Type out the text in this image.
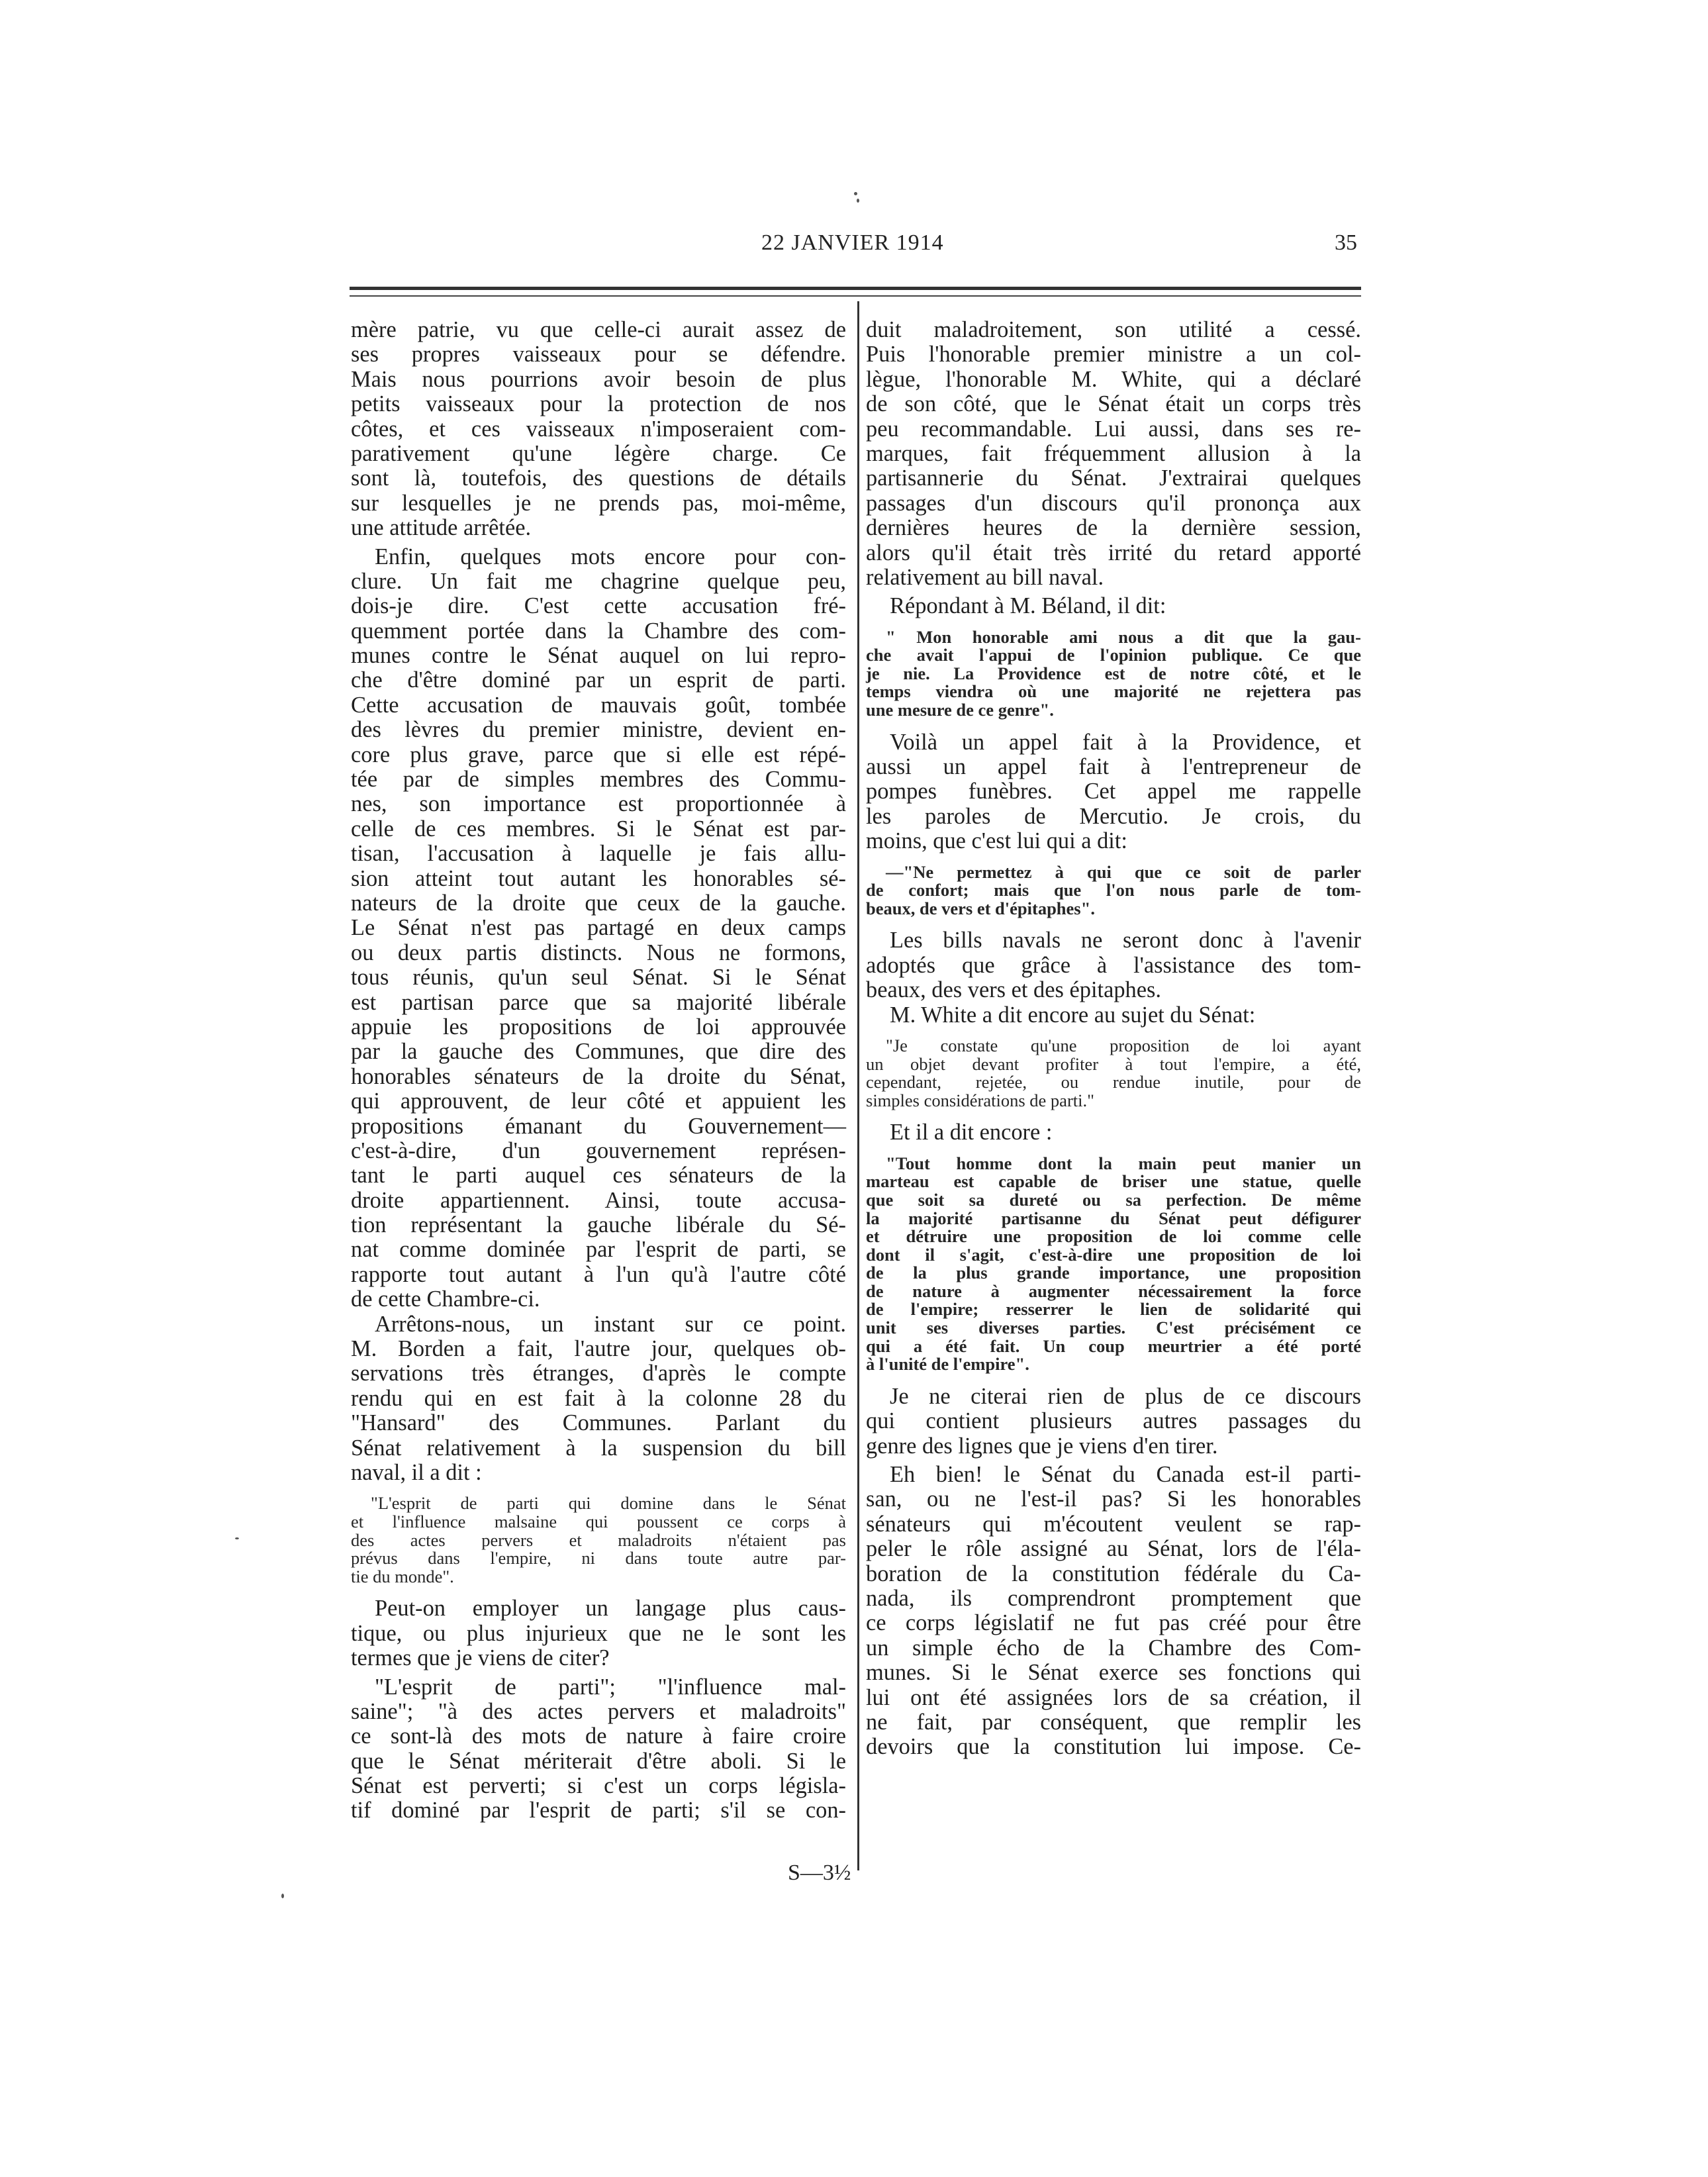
22 JANVIER 1914	35
mère patrie, vu que celle-ci aurait assez de
ses propres vaisseaux pour se défendre.
Mais nous pourrions avoir besoin de plus
petits vaisseaux pour la protection de nos
côtes, et ces vaisseaux n'imposeraient com-
parativement qu'une légère charge. Ce
sont là, toutefois, des questions de détails
sur lesquelles je ne prends pas, moi-même,
une attitude arrêtée.
Enfin, quelques mots encore pour con-
clure. Un fait me chagrine quelque peu,
dois-je dire. C'est cette accusation fré-
quemment portée dans la Chambre des com-
munes contre le Sénat auquel on lui repro-
che d'être dominé par un esprit de parti.
Cette accusation de mauvais goût, tombée
des lèvres du premier ministre, devient en-
core plus grave, parce que si elle est répé-
tée par de simples membres des Commu-
nes, son importance est proportionnée à
celle de ces membres. Si le Sénat est par-
tisan, l'accusation à laquelle je fais allu-
sion atteint tout autant les honorables sé-
nateurs de la droite que ceux de la gauche.
Le Sénat n'est pas partagé en deux camps
ou deux partis distincts. Nous ne formons,
tous réunis, qu'un seul Sénat. Si le Sénat
est partisan parce que sa majorité libérale
appuie les propositions de loi approuvée
par la gauche des Communes, que dire des
honorables sénateurs de la droite du Sénat,
qui approuvent, de leur côté et appuient les
propositions émanant du Gouvernement—
c'est-à-dire, d'un gouvernement représen-
tant le parti auquel ces sénateurs de la
droite appartiennent. Ainsi, toute accusa-
tion représentant la gauche libérale du Sé-
nat comme dominée par l'esprit de parti, se
rapporte tout autant à l'un qu'à l'autre côté
de cette Chambre-ci.
Arrêtons-nous, un instant sur ce point.
M. Borden a fait, l'autre jour, quelques ob-
servations très étranges, d'après le compte
rendu qui en est fait à la colonne 28 du
"Hansard" des Communes. Parlant du
Sénat relativement à la suspension du bill
naval, il a dit :
"L'esprit de parti qui domine dans le Sénat
et l'influence malsaine qui poussent ce corps à
des actes pervers et maladroits n'étaient pas
prévus dans l'empire, ni dans toute autre par-
tie du monde".
Peut-on employer un langage plus caus-
tique, ou plus injurieux que ne le sont les
termes que je viens de citer?
"L'esprit de parti"; "l'influence mal-
saine"; "à des actes pervers et maladroits"
ce sont-là des mots de nature à faire croire
que le Sénat mériterait d'être aboli. Si le
Sénat est perverti; si c'est un corps législa-
tif dominé par l'esprit de parti; s'il se con-
duit maladroitement, son utilité a cessé.
Puis l'honorable premier ministre a un col-
lègue, l'honorable M. White, qui a déclaré
de son côté, que le Sénat était un corps très
peu recommandable. Lui aussi, dans ses re-
marques, fait fréquemment allusion à la
partisannerie du Sénat. J'extrairai quelques
passages d'un discours qu'il prononça aux
dernières heures de la dernière session,
alors qu'il était très irrité du retard apporté
relativement au bill naval.
Répondant à M. Béland, il dit:
" Mon honorable ami nous a dit que la gau-
che avait l'appui de l'opinion publique. Ce que
je nie. La Providence est de notre côté, et le
temps viendra où une majorité ne rejettera pas
une mesure de ce genre".
Voilà un appel fait à la Providence, et
aussi un appel fait à l'entrepreneur de
pompes funèbres. Cet appel me rappelle
les paroles de Mercutio. Je crois, du
moins, que c'est lui qui a dit:
—"Ne permettez à qui que ce soit de parler
de confort; mais que l'on nous parle de tom-
beaux, de vers et d'épitaphes".
Les bills navals ne seront donc à l'avenir
adoptés que grâce à l'assistance des tom-
beaux, des vers et des épitaphes.
M. White a dit encore au sujet du Sénat:
"Je constate qu'une proposition de loi ayant
un objet devant profiter à tout l'empire, a été,
cependant, rejetée, ou rendue inutile, pour de
simples considérations de parti."
Et il a dit encore :
"Tout homme dont la main peut manier un
marteau est capable de briser une statue, quelle
que soit sa dureté ou sa perfection. De même
la majorité partisanne du Sénat peut défigurer
et détruire une proposition de loi comme celle
dont il s'agit, c'est-à-dire une proposition de loi
de la plus grande importance, une proposition
de nature à augmenter nécessairement la force
de l'empire; resserrer le lien de solidarité qui
unit ses diverses parties. C'est précisément ce
qui a été fait. Un coup meurtrier a été porté
à l'unité de l'empire".
Je ne citerai rien de plus de ce discours
qui contient plusieurs autres passages du
genre des lignes que je viens d'en tirer.
Eh bien! le Sénat du Canada est-il parti-
san, ou ne l'est-il pas? Si les honorables
sénateurs qui m'écoutent veulent se rap-
peler le rôle assigné au Sénat, lors de l'éla-
boration de la constitution fédérale du Ca-
nada, ils comprendront promptement que
ce corps législatif ne fut pas créé pour être
un simple écho de la Chambre des Com-
munes. Si le Sénat exerce ses fonctions qui
lui ont été assignées lors de sa création, il
ne fait, par conséquent, que remplir les
devoirs que la constitution lui impose. Ce-
S—3½
